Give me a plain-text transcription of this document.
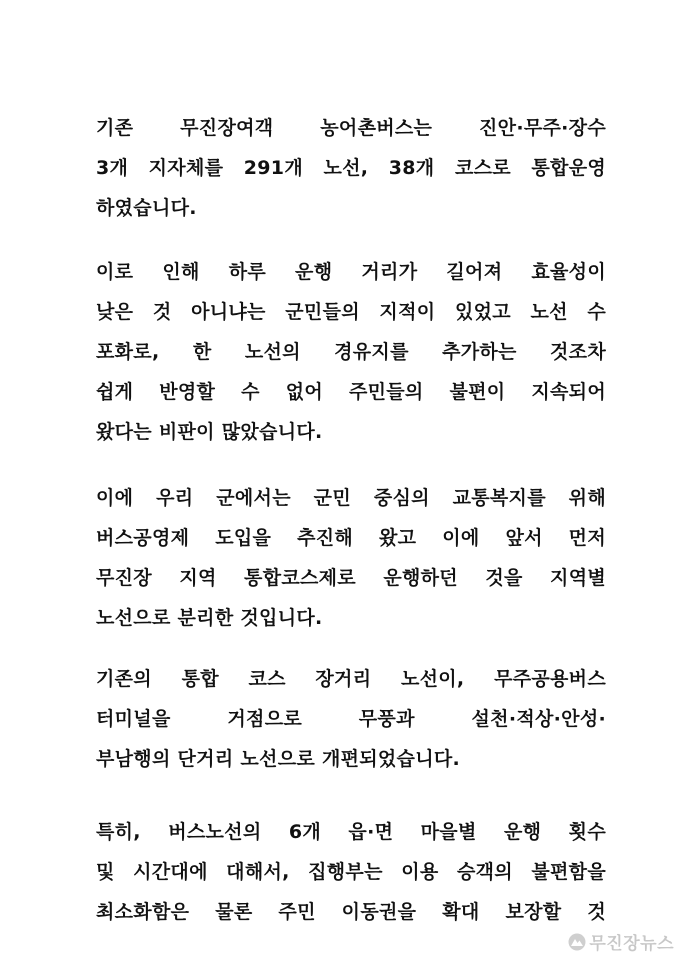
기존 무진장여객 농어촌버스는 진안·무주·장수
3개 지자체를 291개 노선, 38개 코스로 통합운영
하였습니다.
이로 인해 하루 운행 거리가 길어져 효율성이
낮은 것 아니냐는 군민들의 지적이 있었고 노선 수
포화로, 한 노선의 경유지를 추가하는 것조차
쉽게 반영할 수 없어 주민들의 불편이 지속되어
왔다는 비판이 많았습니다.
이에 우리 군에서는 군민 중심의 교통복지를 위해
버스공영제 도입을 추진해 왔고 이에 앞서 먼저
무진장 지역 통합코스제로 운행하던 것을 지역별
노선으로 분리한 것입니다.
기존의 통합 코스 장거리 노선이, 무주공용버스
터미널을 거점으로 무풍과 설천·적상·안성·
부남행의 단거리 노선으로 개편되었습니다.
특히, 버스노선의 6개 읍·면 마을별 운행 횟수
및 시간대에 대해서, 집행부는 이용 승객의 불편함을
최소화함은 물론 주민 이동권을 확대 보장할 것
무진장뉴스
